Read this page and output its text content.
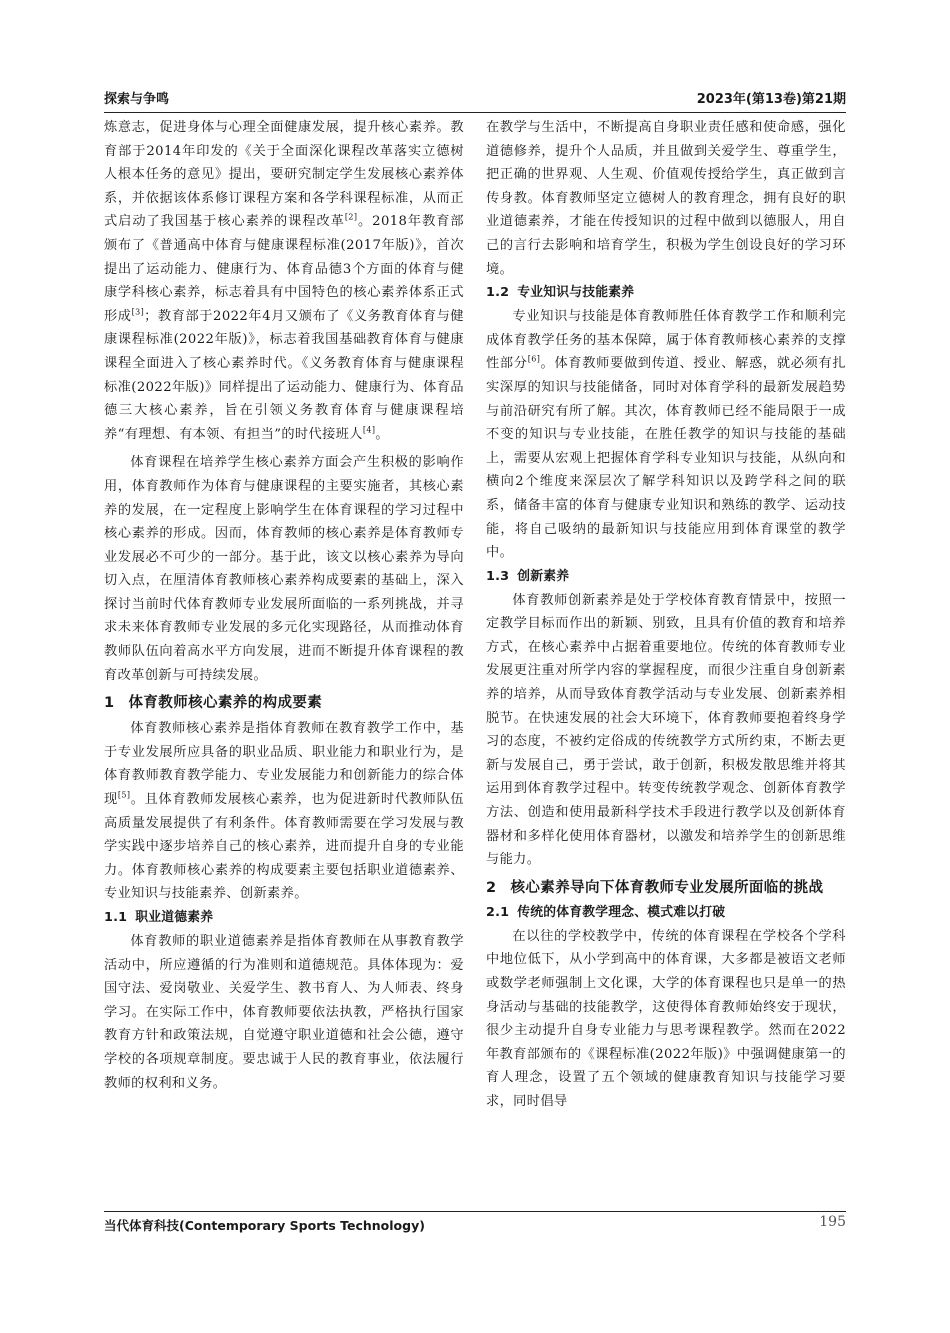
探索与争鸣	2023年(第13卷)第21期

炼意志，促进身体与心理全面健康发展，提升核心素养。教育部于2014年印发的《关于全面深化课程改革落实立德树人根本任务的意见》提出，要研究制定学生发展核心素养体系，并依据该体系修订课程方案和各学科课程标准，从而正式启动了我国基于核心素养的课程改革[2]。2018年教育部颁布了《普通高中体育与健康课程标准(2017年版)》，首次提出了运动能力、健康行为、体育品德3个方面的体育与健康学科核心素养，标志着具有中国特色的核心素养体系正式形成[3]；教育部于2022年4月又颁布了《义务教育体育与健康课程标准(2022年版)》，标志着我国基础教育体育与健康课程全面进入了核心素养时代。《义务教育体育与健康课程标准(2022年版)》同样提出了运动能力、健康行为、体育品德三大核心素养，旨在引领义务教育体育与健康课程培养“有理想、有本领、有担当”的时代接班人[4]。

体育课程在培养学生核心素养方面会产生积极的影响作用，体育教师作为体育与健康课程的主要实施者，其核心素养的发展，在一定程度上影响学生在体育课程的学习过程中核心素养的形成。因而，体育教师的核心素养是体育教师专业发展必不可少的一部分。基于此，该文以核心素养为导向切入点，在厘清体育教师核心素养构成要素的基础上，深入探讨当前时代体育教师专业发展所面临的一系列挑战，并寻求未来体育教师专业发展的多元化实现路径，从而推动体育教师队伍向着高水平方向发展，进而不断提升体育课程的教育改革创新与可持续发展。

1 体育教师核心素养的构成要素

体育教师核心素养是指体育教师在教育教学工作中，基于专业发展所应具备的职业品质、职业能力和职业行为，是体育教师教育教学能力、专业发展能力和创新能力的综合体现[5]。且体育教师发展核心素养，也为促进新时代教师队伍高质量发展提供了有利条件。体育教师需要在学习发展与教学实践中逐步培养自己的核心素养，进而提升自身的专业能力。体育教师核心素养的构成要素主要包括职业道德素养、专业知识与技能素养、创新素养。

1.1 职业道德素养

体育教师的职业道德素养是指体育教师在从事教育教学活动中，所应遵循的行为准则和道德规范。具体体现为：爱国守法、爱岗敬业、关爱学生、教书育人、为人师表、终身学习。在实际工作中，体育教师要依法执教，严格执行国家教育方针和政策法规，自觉遵守职业道德和社会公德，遵守学校的各项规章制度。要忠诚于人民的教育事业，依法履行教师的权利和义务。

在教学与生活中，不断提高自身职业责任感和使命感，强化道德修养，提升个人品质，并且做到关爱学生、尊重学生，把正确的世界观、人生观、价值观传授给学生，真正做到言传身教。体育教师坚定立德树人的教育理念，拥有良好的职业道德素养，才能在传授知识的过程中做到以德服人，用自己的言行去影响和培育学生，积极为学生创设良好的学习环境。

1.2 专业知识与技能素养

专业知识与技能是体育教师胜任体育教学工作和顺利完成体育教学任务的基本保障，属于体育教师核心素养的支撑性部分[6]。体育教师要做到传道、授业、解惑，就必须有扎实深厚的知识与技能储备，同时对体育学科的最新发展趋势与前沿研究有所了解。其次，体育教师已经不能局限于一成不变的知识与专业技能，在胜任教学的知识与技能的基础上，需要从宏观上把握体育学科专业知识与技能，从纵向和横向2个维度来深层次了解学科知识以及跨学科之间的联系，储备丰富的体育与健康专业知识和熟练的教学、运动技能，将自己吸纳的最新知识与技能应用到体育课堂的教学中。

1.3 创新素养

体育教师创新素养是处于学校体育教育情景中，按照一定教学目标而作出的新颖、别致，且具有价值的教育和培养方式，在核心素养中占据着重要地位。传统的体育教师专业发展更注重对所学内容的掌握程度，而很少注重自身创新素养的培养，从而导致体育教学活动与专业发展、创新素养相脱节。在快速发展的社会大环境下，体育教师要抱着终身学习的态度，不被约定俗成的传统教学方式所约束，不断去更新与发展自己，勇于尝试，敢于创新，积极发散思维并将其运用到体育教学过程中。转变传统教学观念、创新体育教学方法、创造和使用最新科学技术手段进行教学以及创新体育器材和多样化使用体育器材，以激发和培养学生的创新思维与能力。

2 核心素养导向下体育教师专业发展所面临的挑战
2.1 传统的体育教学理念、模式难以打破

在以往的学校教学中，传统的体育课程在学校各个学科中地位低下，从小学到高中的体育课，大多都是被语文老师或数学老师强制上文化课，大学的体育课程也只是单一的热身活动与基础的技能教学，这使得体育教师始终安于现状，很少主动提升自身专业能力与思考课程教学。然而在2022年教育部颁布的《课程标准(2022年版)》中强调健康第一的育人理念，设置了五个领域的健康教育知识与技能学习要求，同时倡导

当代体育科技(Contemporary Sports Technology)	195
